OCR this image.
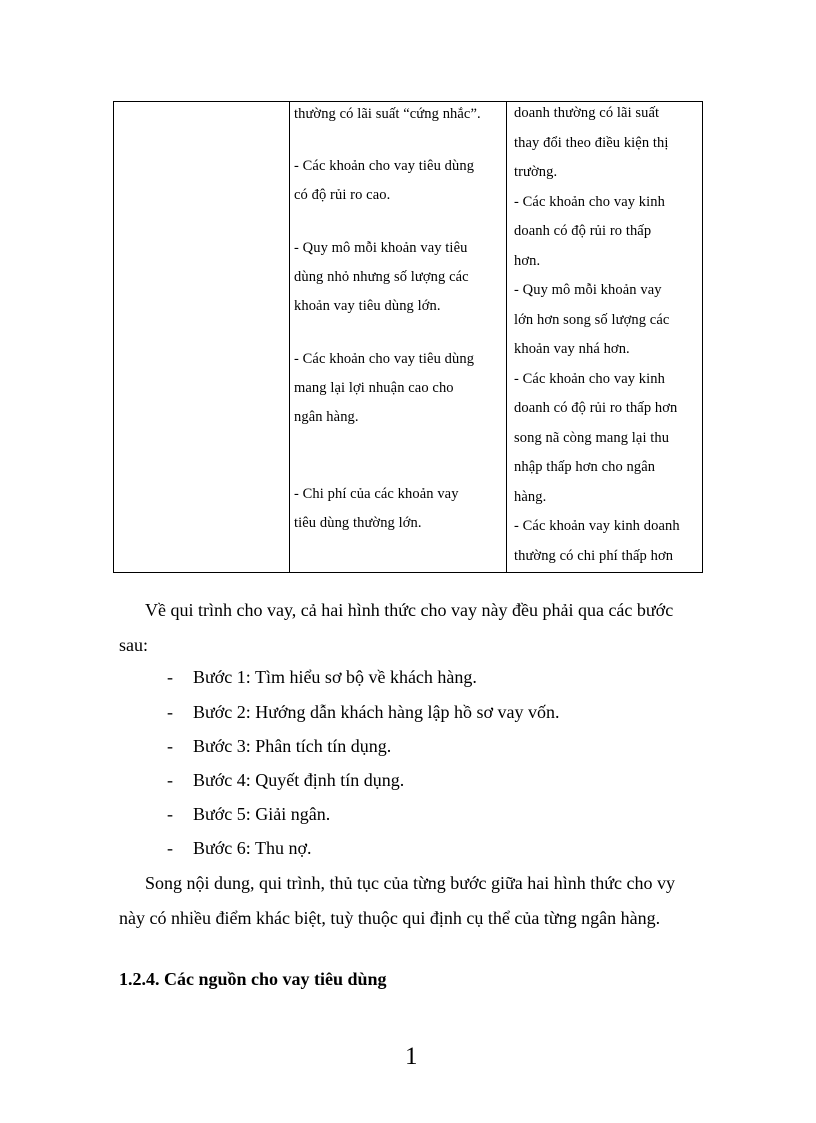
thường có lãi suất “cứng nhắc”.
- Các khoản cho vay tiêu dùng
có độ rủi ro cao.
- Quy mô mỗi khoản vay tiêu
dùng nhỏ nhưng số lượng các
khoản vay tiêu dùng lớn.
- Các khoản cho vay tiêu dùng
mang lại lợi nhuận cao cho
ngân hàng.
- Chi phí của các khoản vay
tiêu dùng thường lớn.
doanh thường có lãi suất
thay đổi theo điều kiện thị
trường.
- Các khoản cho vay kinh
doanh có độ rủi ro thấp
hơn.
- Quy mô mỗi khoản vay
lớn hơn song số lượng các
khoản vay nhá hơn.
- Các khoản cho vay kinh
doanh có độ rủi ro thấp hơn
song nã còng mang lại thu
nhập thấp hơn cho ngân
hàng.
- Các khoản vay kinh doanh
thường có chi phí thấp hơn
Về qui trình cho vay, cả hai hình thức cho vay này đều phải qua các bước
sau:
- Bước 1: Tìm hiểu sơ bộ về khách hàng.
- Bước 2: Hướng dẫn khách hàng lập hồ sơ vay vốn.
- Bước 3: Phân tích tín dụng.
- Bước 4: Quyết định tín dụng.
- Bước 5: Giải ngân.
- Bước 6: Thu nợ.
Song nội dung, qui trình, thủ tục của từng bước giữa hai hình thức cho vy
này có nhiều điểm khác biệt, tuỳ thuộc qui định cụ thể của từng ngân hàng.
1.2.4. Các nguồn cho vay tiêu dùng
1
